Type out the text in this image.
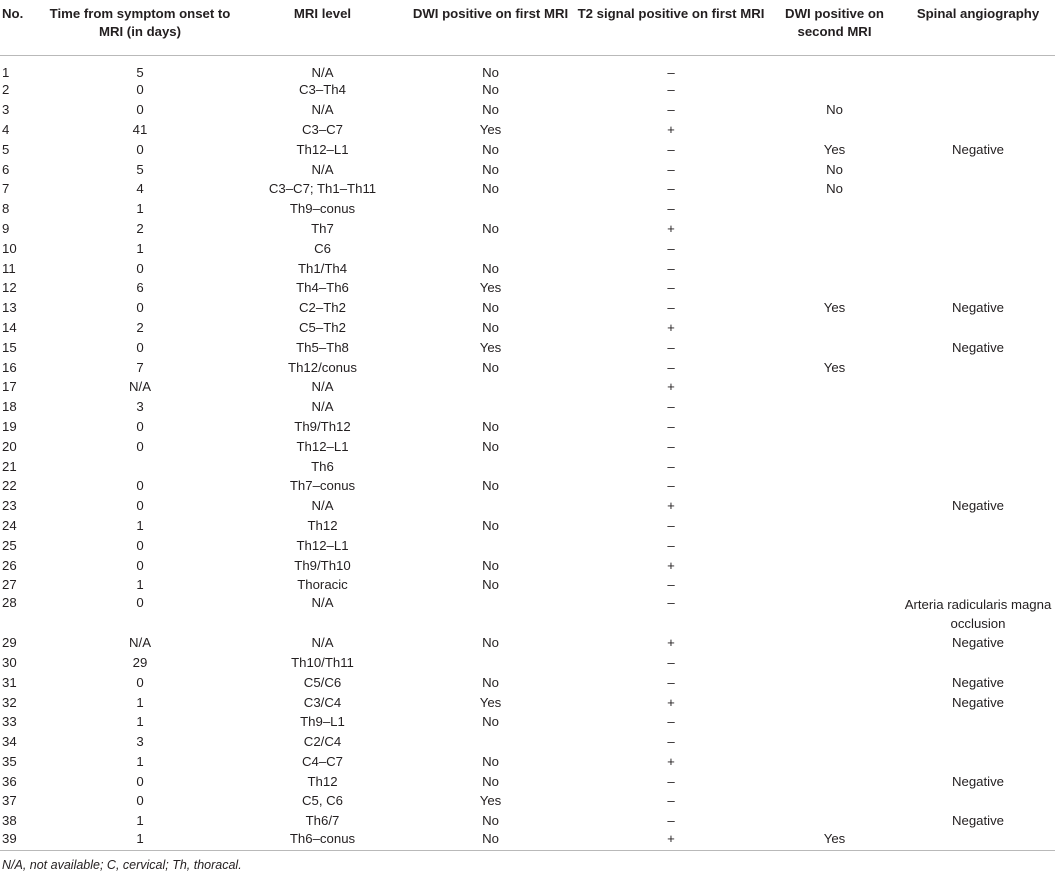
No.	Time from symptom onset to MRI (in days)	MRI level	DWI positive on first MRI	T2 signal positive on first MRI	DWI positive on second MRI	Spinal angiography
1	5	N/A	No	–		
2	0	C3–Th4	No	–		
3	0	N/A	No	–	No	
4	41	C3–C7	Yes	+		
5	0	Th12–L1	No	–	Yes	Negative
6	5	N/A	No	–	No	
7	4	C3–C7; Th1–Th11	No	–	No	
8	1	Th9–conus		–		
9	2	Th7	No	+		
10	1	C6		–		
11	0	Th1/Th4	No	–		
12	6	Th4–Th6	Yes	–		
13	0	C2–Th2	No	–	Yes	Negative
14	2	C5–Th2	No	+		
15	0	Th5–Th8	Yes	–		Negative
16	7	Th12/conus	No	–	Yes	
17	N/A	N/A		+		
18	3	N/A		–		
19	0	Th9/Th12	No	–		
20	0	Th12–L1	No	–		
21		Th6		–		
22	0	Th7–conus	No	–		
23	0	N/A		+		Negative
24	1	Th12	No	–		
25	0	Th12–L1		–		
26	0	Th9/Th10	No	+		
27	1	Thoracic	No	–		
28	0	N/A		–		Arteria radicularis magna occlusion
29	N/A	N/A	No	+		Negative
30	29	Th10/Th11		–		
31	0	C5/C6	No	–		Negative
32	1	C3/C4	Yes	+		Negative
33	1	Th9–L1	No	–		
34	3	C2/C4		–		
35	1	C4–C7	No	+		
36	0	Th12	No	–		Negative
37	0	C5, C6	Yes	–		
38	1	Th6/7	No	–		Negative
39	1	Th6–conus	No	+	Yes	
N/A, not available; C, cervical; Th, thoracal.
